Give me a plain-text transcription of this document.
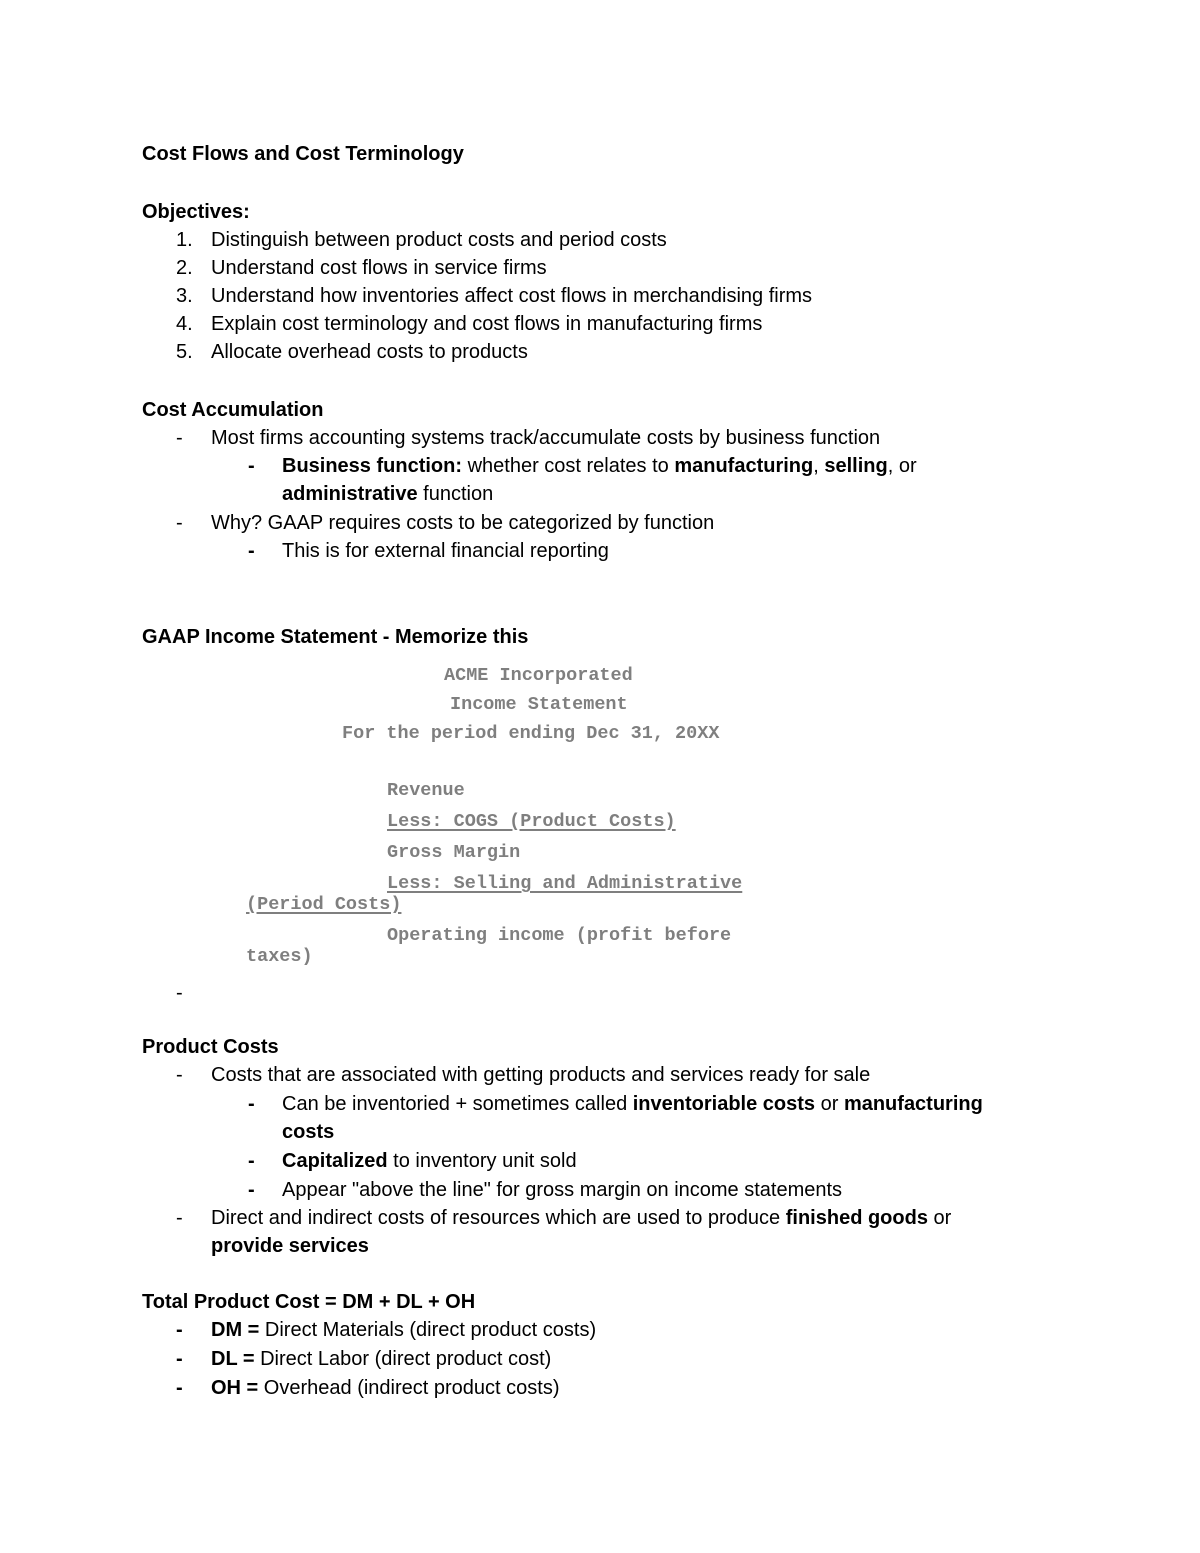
Cost Flows and Cost Terminology
Objectives:
1. Distinguish between product costs and period costs
2. Understand cost flows in service firms
3. Understand how inventories affect cost flows in merchandising firms
4. Explain cost terminology and cost flows in manufacturing firms
5. Allocate overhead costs to products
Cost Accumulation
- Most firms accounting systems track/accumulate costs by business function
- Business function: whether cost relates to manufacturing, selling, or
administrative function
- Why? GAAP requires costs to be categorized by function
- This is for external financial reporting
GAAP Income Statement - Memorize this
ACME Incorporated
Income Statement
For the period ending Dec 31, 20XX
Revenue
Less: COGS (Product Costs)
Gross Margin
Less: Selling and Administrative
(Period Costs)
Operating income (profit before
taxes)
-
Product Costs
- Costs that are associated with getting products and services ready for sale
- Can be inventoried + sometimes called inventoriable costs or manufacturing
costs
- Capitalized to inventory unit sold
- Appear "above the line" for gross margin on income statements
- Direct and indirect costs of resources which are used to produce finished goods or
provide services
Total Product Cost = DM + DL + OH
- DM = Direct Materials (direct product costs)
- DL = Direct Labor (direct product cost)
- OH = Overhead (indirect product costs)
